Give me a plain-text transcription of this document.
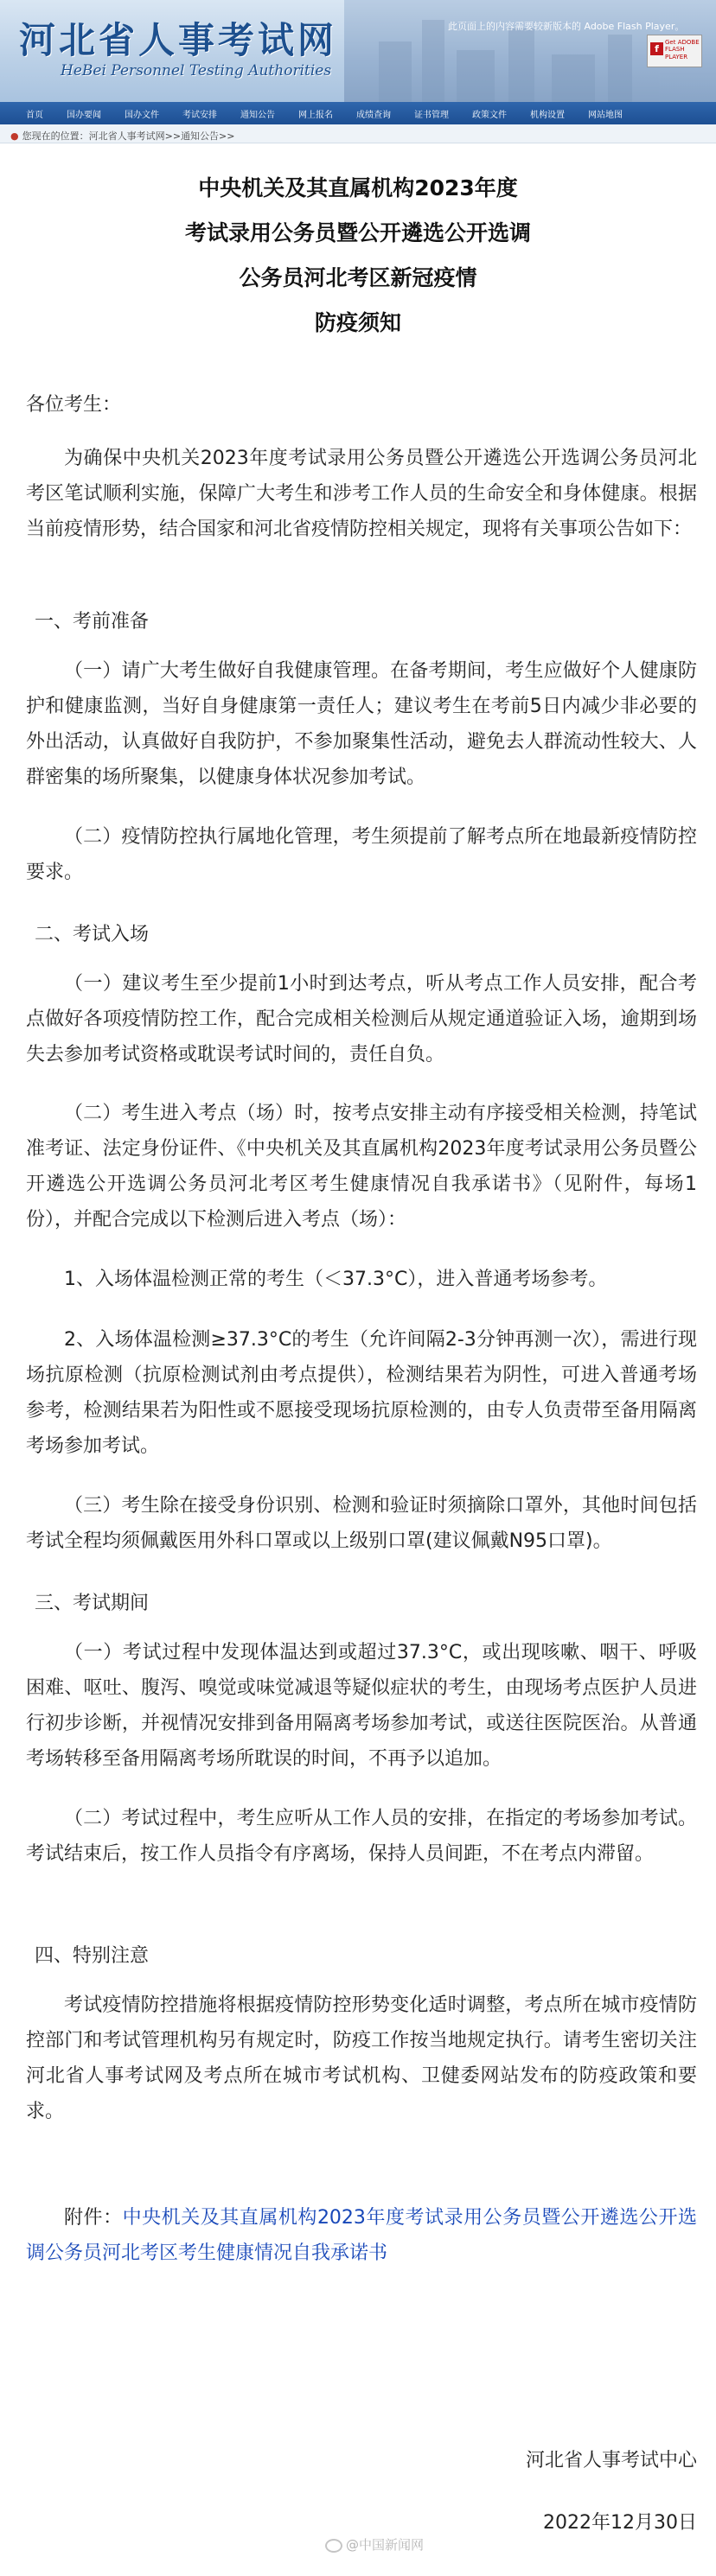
河北省人事考试网
HeBei Personnel Testing Authorities
此页面上的内容需要较新版本的 Adobe Flash Player。
f
Get ADOBE FLASH PLAYER
首页	国办要闻	国办文件	考试安排	通知公告	网上报名	成绩查询	证书管理	政策文件	机构设置	网站地图
● 您现在的位置：河北省人事考试网>>通知公告>>
中央机关及其直属机构2023年度
考试录用公务员暨公开遴选公开选调
公务员河北考区新冠疫情
防疫须知
各位考生：
为确保中央机关2023年度考试录用公务员暨公开遴选公开选调公务员河北考区笔试顺利实施，保障广大考生和涉考工作人员的生命安全和身体健康。根据当前疫情形势，结合国家和河北省疫情防控相关规定，现将有关事项公告如下：
一、考前准备
（一）请广大考生做好自我健康管理。在备考期间，考生应做好个人健康防护和健康监测，当好自身健康第一责任人；建议考生在考前5日内减少非必要的外出活动，认真做好自我防护，不参加聚集性活动，避免去人群流动性较大、人群密集的场所聚集，以健康身体状况参加考试。
（二）疫情防控执行属地化管理，考生须提前了解考点所在地最新疫情防控要求。
二、考试入场
（一）建议考生至少提前1小时到达考点，听从考点工作人员安排，配合考点做好各项疫情防控工作，配合完成相关检测后从规定通道验证入场，逾期到场失去参加考试资格或耽误考试时间的，责任自负。
（二）考生进入考点（场）时，按考点安排主动有序接受相关检测，持笔试准考证、法定身份证件、《中央机关及其直属机构2023年度考试录用公务员暨公开遴选公开选调公务员河北考区考生健康情况自我承诺书》（见附件，每场1份），并配合完成以下检测后进入考点（场）：
1、入场体温检测正常的考生（＜37.3°C），进入普通考场参考。
2、入场体温检测≥37.3°C的考生（允许间隔2-3分钟再测一次），需进行现场抗原检测（抗原检测试剂由考点提供），检测结果若为阴性，可进入普通考场参考，检测结果若为阳性或不愿接受现场抗原检测的，由专人负责带至备用隔离考场参加考试。
（三）考生除在接受身份识别、检测和验证时须摘除口罩外，其他时间包括考试全程均须佩戴医用外科口罩或以上级别口罩(建议佩戴N95口罩)。
三、考试期间
（一）考试过程中发现体温达到或超过37.3°C，或出现咳嗽、咽干、呼吸困难、呕吐、腹泻、嗅觉或味觉减退等疑似症状的考生，由现场考点医护人员进行初步诊断，并视情况安排到备用隔离考场参加考试，或送往医院医治。从普通考场转移至备用隔离考场所耽误的时间，不再予以追加。
（二）考试过程中，考生应听从工作人员的安排，在指定的考场参加考试。考试结束后，按工作人员指令有序离场，保持人员间距，不在考点内滞留。
四、特别注意
考试疫情防控措施将根据疫情防控形势变化适时调整，考点所在城市疫情防控部门和考试管理机构另有规定时，防疫工作按当地规定执行。请考生密切关注河北省人事考试网及考点所在城市考试机构、卫健委网站发布的防疫政策和要求。
附件：中央机关及其直属机构2023年度考试录用公务员暨公开遴选公开选调公务员河北考区考生健康情况自我承诺书
河北省人事考试中心
2022年12月30日
@中国新闻网
